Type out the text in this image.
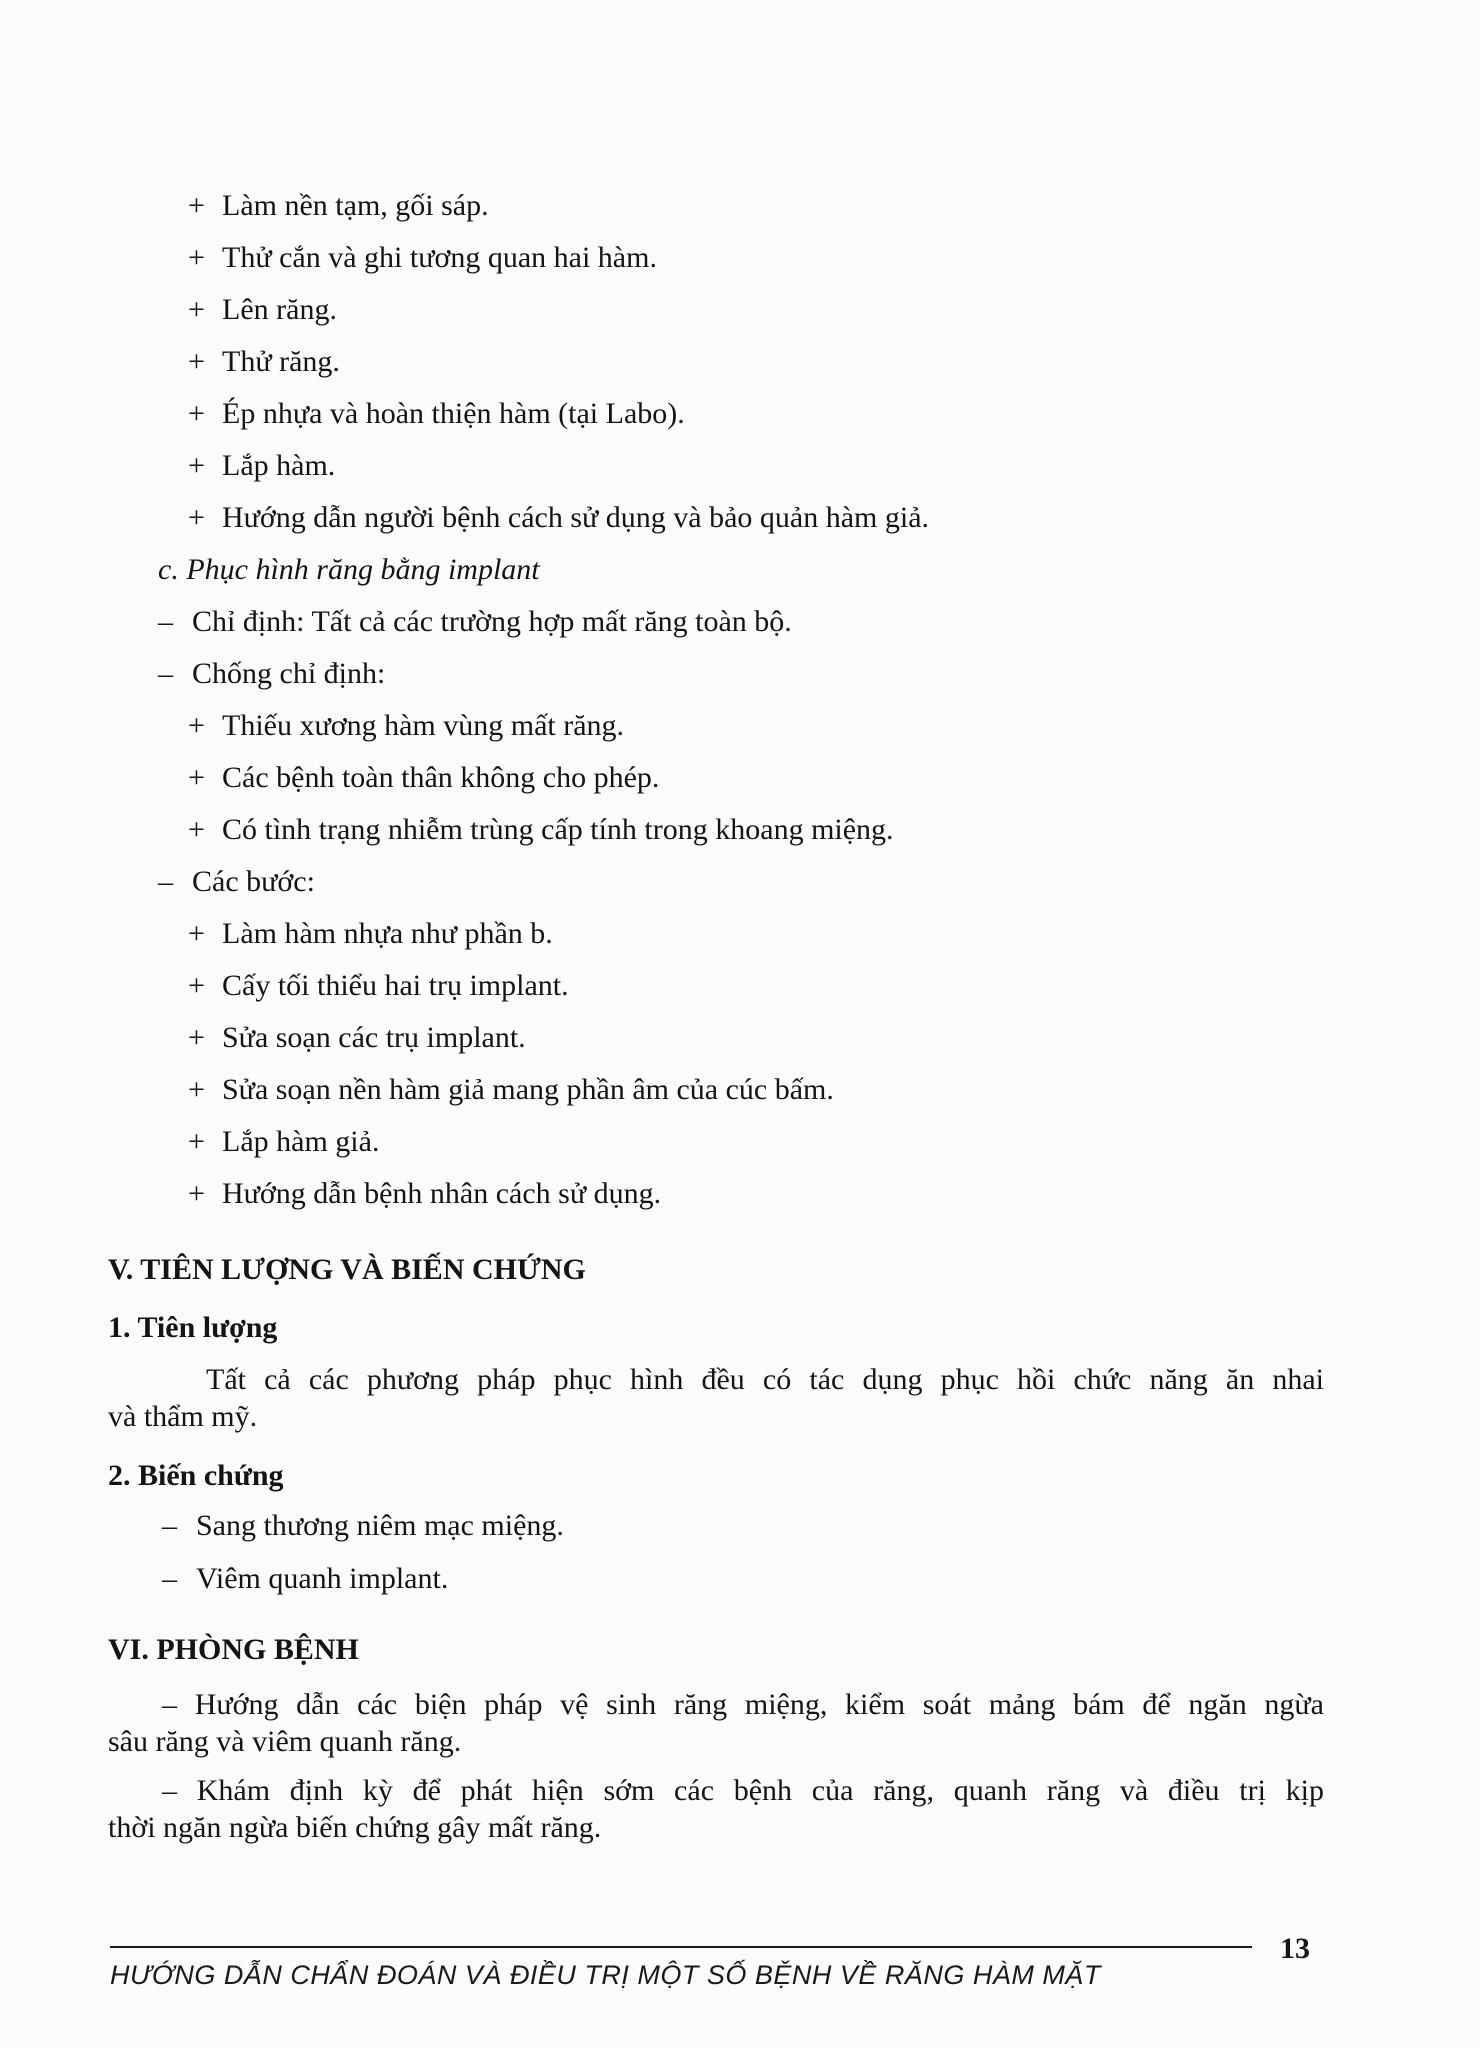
+ Làm nền tạm, gối sáp.
+ Thử cắn và ghi tương quan hai hàm.
+ Lên răng.
+ Thử răng.
+ Ép nhựa và hoàn thiện hàm (tại Labo).
+ Lắp hàm.
+ Hướng dẫn người bệnh cách sử dụng và bảo quản hàm giả.
c. Phục hình răng bằng implant
– Chỉ định: Tất cả các trường hợp mất răng toàn bộ.
– Chống chỉ định:
+ Thiếu xương hàm vùng mất răng.
+ Các bệnh toàn thân không cho phép.
+ Có tình trạng nhiễm trùng cấp tính trong khoang miệng.
– Các bước:
+ Làm hàm nhựa như phần b.
+ Cấy tối thiểu hai trụ implant.
+ Sửa soạn các trụ implant.
+ Sửa soạn nền hàm giả mang phần âm của cúc bấm.
+ Lắp hàm giả.
+ Hướng dẫn bệnh nhân cách sử dụng.
V. TIÊN LƯỢNG VÀ BIẾN CHỨNG
1. Tiên lượng
Tất cả các phương pháp phục hình đều có tác dụng phục hồi chức năng ăn nhai
và thẩm mỹ.
2. Biến chứng
– Sang thương niêm mạc miệng.
– Viêm quanh implant.
VI. PHÒNG BỆNH
– Hướng dẫn các biện pháp vệ sinh răng miệng, kiểm soát mảng bám để ngăn ngừa
sâu răng và viêm quanh răng.
– Khám định kỳ để phát hiện sớm các bệnh của răng, quanh răng và điều trị kịp
thời ngăn ngừa biến chứng gây mất răng.
13
HƯỚNG DẪN CHẨN ĐOÁN VÀ ĐIỀU TRỊ MỘT SỐ BỆNH VỀ RĂNG HÀM MẶT
